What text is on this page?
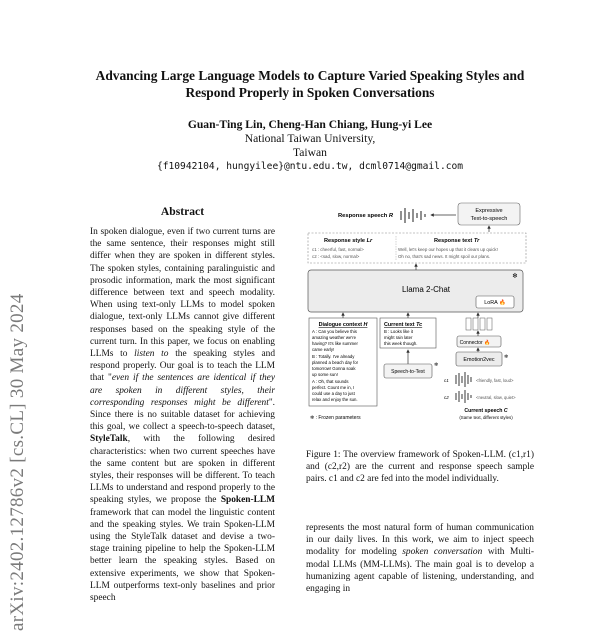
arXiv:2402.12786v2 [cs.CL] 30 May 2024
Advancing Large Language Models to Capture Varied Speaking Styles and
Respond Properly in Spoken Conversations
Guan-Ting Lin, Cheng-Han Chiang, Hung-yi Lee
National Taiwan University,
Taiwan
{f10942104, hungyilee}@ntu.edu.tw, dcml0714@gmail.com
Abstract
In spoken dialogue, even if two current turns are the same sentence, their responses might still differ when they are spoken in different styles. The spoken styles, containing paralinguistic and prosodic information, mark the most significant difference between text and speech modality. When using text-only LLMs to model spoken dialogue, text-only LLMs cannot give different responses based on the speaking style of the current turn. In this paper, we focus on enabling LLMs to listen to the speaking styles and respond properly. Our goal is to teach the LLM that "even if the sentences are identical if they are spoken in different styles, their corresponding responses might be different". Since there is no suitable dataset for achieving this goal, we collect a speech-to-speech dataset, StyleTalk, with the following desired characteristics: when two current speeches have the same content but are spoken in different styles, their responses will be different. To teach LLMs to understand and respond properly to the speaking styles, we propose the Spoken-LLM framework that can model the linguistic content and the speaking styles. We train Spoken-LLM using the StyleTalk dataset and devise a two-stage training pipeline to help the Spoken-LLM better learn the speaking styles. Based on extensive experiments, we show that Spoken-LLM outperforms text-only baselines and prior speech
Response speech R
Expressive
Text-to-speech
Response style Lr
c1 : cheerful, fast, normal>
c2 : <sad, slow, normal>
Response text Tr
Well, let's keep our hopes up that it clears up quick!
Oh no, that's sad news. It might spoil our plans.
Llama 2-Chat
❄
LoRA 🔥
Dialogue context H
A : Can you believe this
amazing weather we're
having? It's like summer
came early!
B : Totally. I've already
planned a beach day for
tomorrow! Gonna soak
up some sun!
A : Oh, that sounds
perfect. Count me in, I
could use a day to just
relax and enjoy the sun.
Current text Tc
B : Looks like it
might rain later
this week though.
Speech-to-Text
❄
Connector 🔥
Emotion2vec ❄
c1
c2
<friendly, fast, loud>
<neutral, slow, quiet>
Current speech C
(Same text, different styles)
❄ : Frozen parameters
Figure 1: The overview framework of Spoken-LLM. (c1,r1) and (c2,r2) are the current and response speech sample pairs. c1 and c2 are fed into the model individually.
represents the most natural form of human communication in our daily lives. In this work, we aim to inject speech modality for modeling spoken conversation with Multi-modal LLMs (MM-LLMs). The main goal is to develop a humanizing agent capable of listening, understanding, and engaging in
